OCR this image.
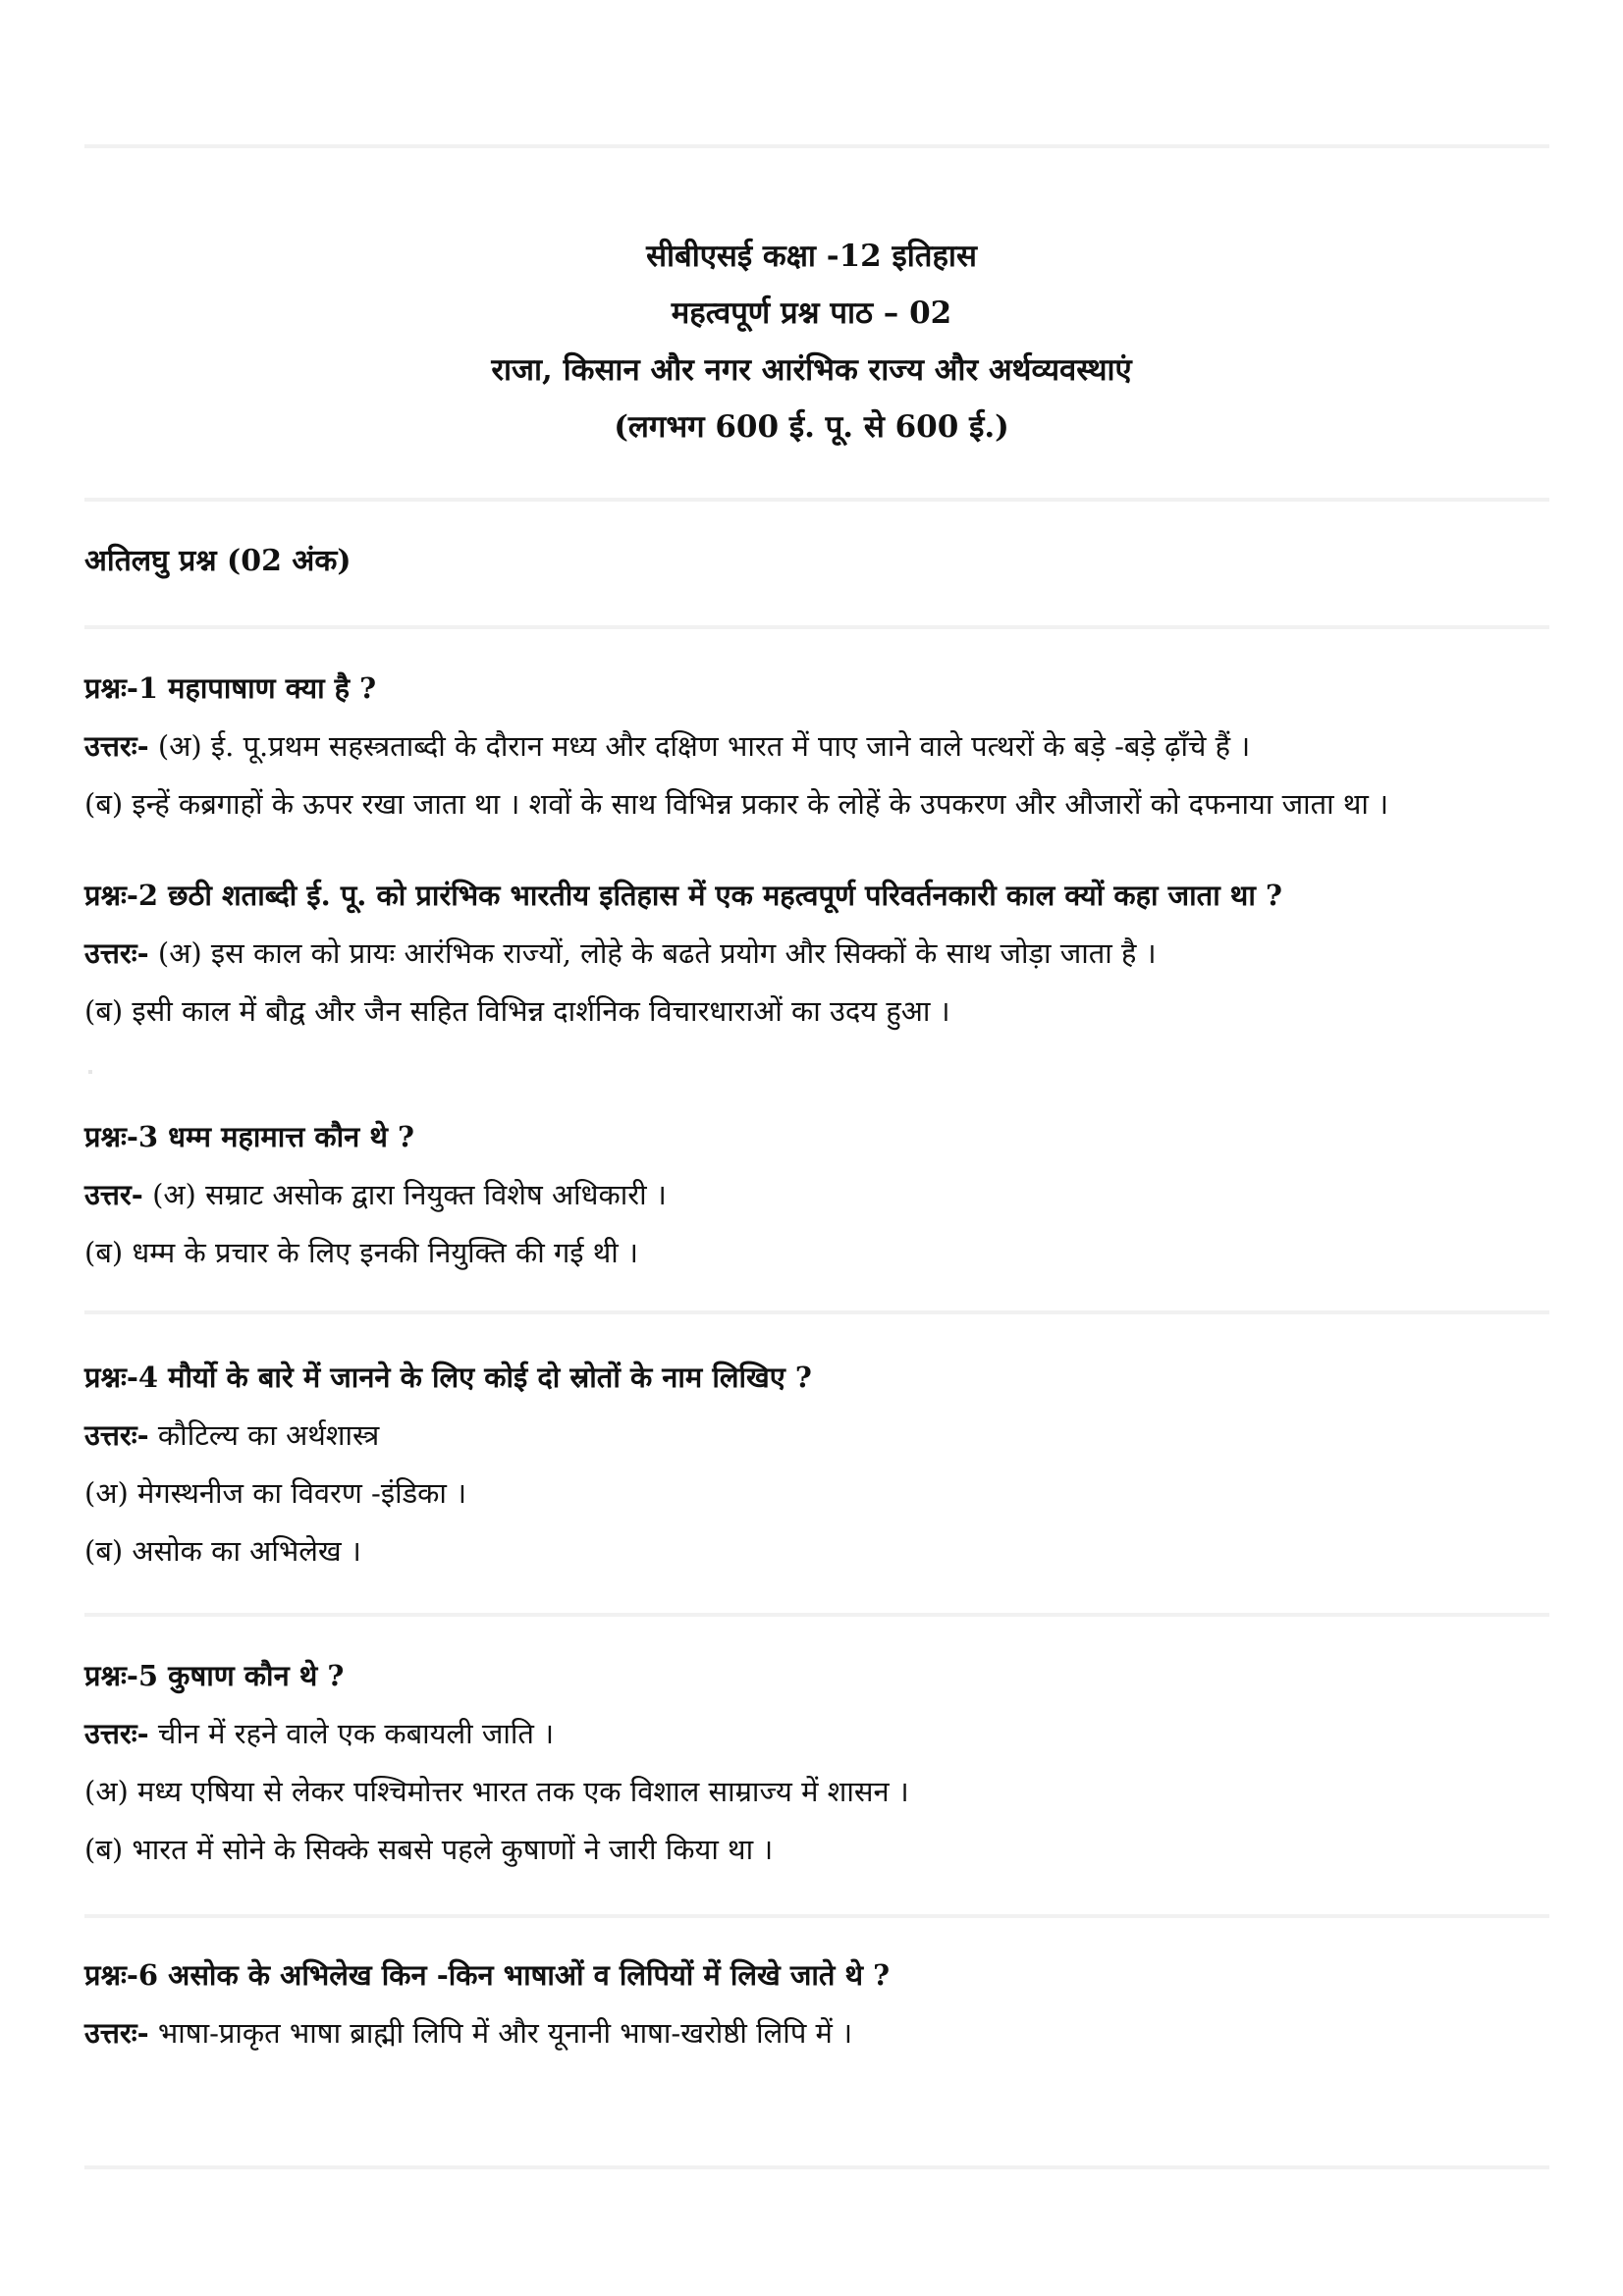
सीबीएसई कक्षा -12 इतिहास
महत्वपूर्ण प्रश्न पाठ – 02
राजा, किसान और नगर आरंभिक राज्य और अर्थव्यवस्थाएं
(लगभग 600 ई. पू. से 600 ई.)
अतिलघु प्रश्न (02 अंक)
प्रश्नः-1 महापाषाण क्या है ?
उत्तरः- (अ) ई. पू.प्रथम सहस्त्रताब्दी के दौरान मध्य और दक्षिण भारत में पाए जाने वाले पत्थरों के बड़े -बड़े ढ़ाँचे हैं ।
(ब) इन्हें कब्रगाहों के ऊपर रखा जाता था । शवों के साथ विभिन्न प्रकार के लोहें के उपकरण और औजारों को दफनाया जाता था ।
प्रश्नः-2 छठी शताब्दी ई. पू. को प्रारंभिक भारतीय इतिहास में एक महत्वपूर्ण परिवर्तनकारी काल क्यों कहा जाता था ?
उत्तरः- (अ) इस काल को प्रायः आरंभिक राज्यों, लोहे के बढते प्रयोग और सिक्कों के साथ जोड़ा जाता है ।
(ब) इसी काल में बौद्व और जैन सहित विभिन्न दार्शनिक विचारधाराओं का उदय हुआ ।
प्रश्नः-3 धम्म महामात्त कौन थे ?
उत्तर- (अ) सम्राट असोक द्वारा नियुक्त विशेष अधिकारी ।
(ब) धम्म के प्रचार के लिए इनकी नियुक्ति की गई थी ।
प्रश्नः-4 मौर्यो के बारे में जानने के लिए कोई दो स्रोतों के नाम लिखिए ?
उत्तरः- कौटिल्य का अर्थशास्त्र
(अ) मेगस्थनीज का विवरण -इंडिका ।
(ब) असोक का अभिलेख ।
प्रश्नः-5 कुषाण कौन थे ?
उत्तरः- चीन में रहने वाले एक कबायली जाति ।
(अ) मध्य एषिया से लेकर पश्चिमोत्तर भारत तक एक विशाल साम्राज्य में शासन ।
(ब) भारत में सोने के सिक्के सबसे पहले कुषाणों ने जारी किया था ।
प्रश्नः-6 असोक के अभिलेख किन -किन भाषाओं व लिपियों में लिखे जाते थे ?
उत्तरः- भाषा-प्राकृत भाषा ब्राह्मी लिपि में और यूनानी भाषा-खरोष्ठी लिपि में ।
